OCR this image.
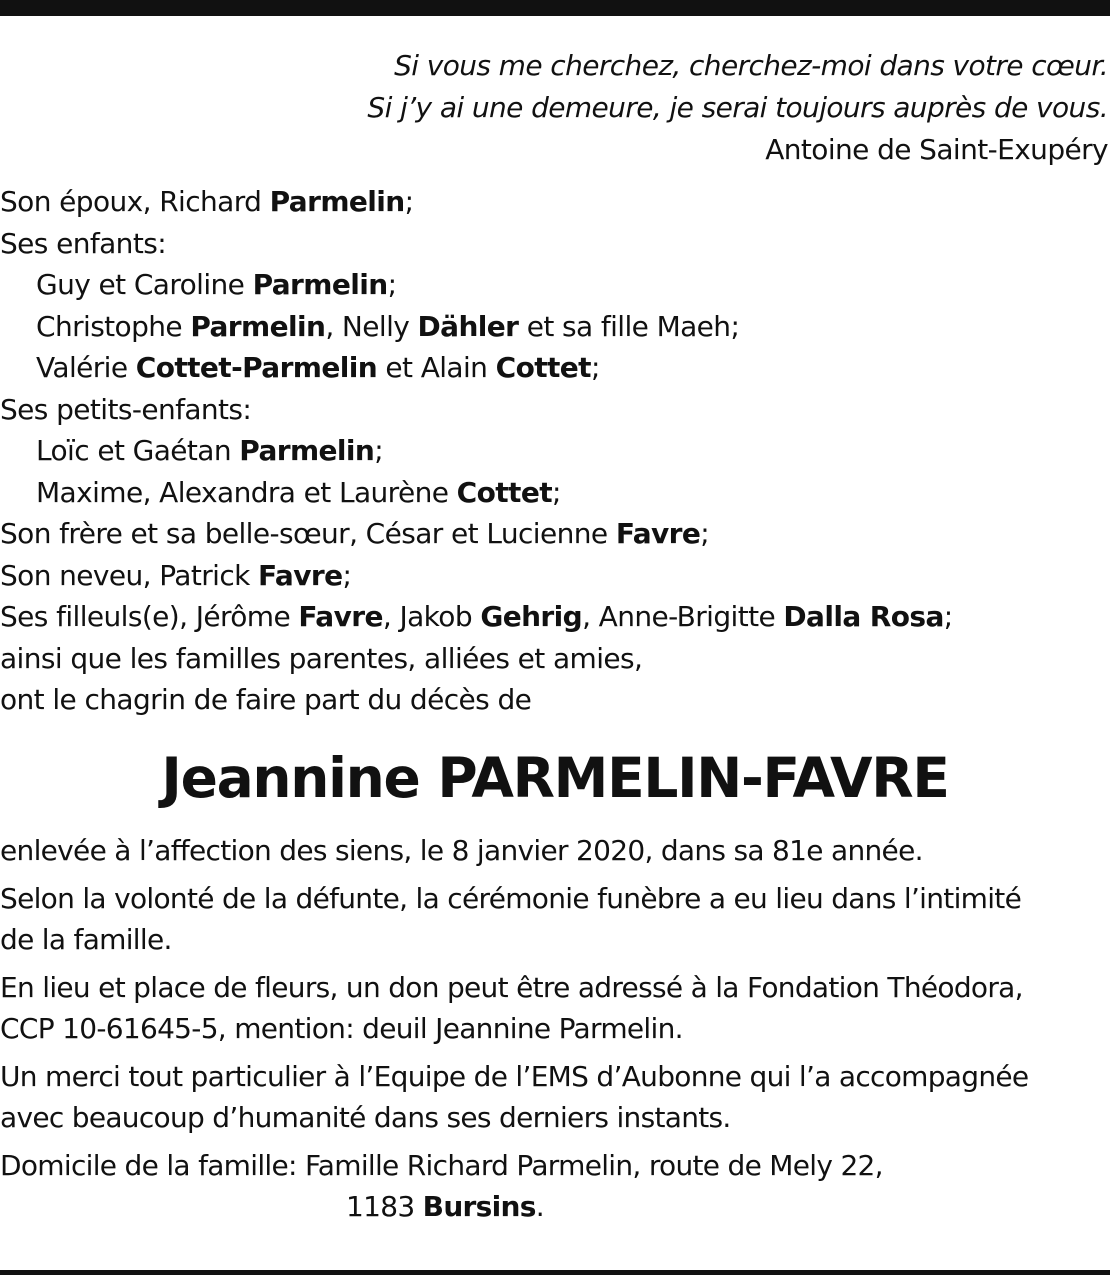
Si vous me cherchez, cherchez-moi dans votre cœur.
Si j’y ai une demeure, je serai toujours auprès de vous.
Antoine de Saint-Exupéry
Son époux, Richard Parmelin;
Ses enfants:
Guy et Caroline Parmelin;
Christophe Parmelin, Nelly Dähler et sa fille Maeh;
Valérie Cottet-Parmelin et Alain Cottet;
Ses petits-enfants:
Loïc et Gaétan Parmelin;
Maxime, Alexandra et Laurène Cottet;
Son frère et sa belle-sœur, César et Lucienne Favre;
Son neveu, Patrick Favre;
Ses filleuls(e), Jérôme Favre, Jakob Gehrig, Anne-Brigitte Dalla Rosa;
ainsi que les familles parentes, alliées et amies,
ont le chagrin de faire part du décès de
Jeannine PARMELIN-FAVRE

enlevée à l’affection des siens, le 8 janvier 2020, dans sa 81e année.

Selon la volonté de la défunte, la cérémonie funèbre a eu lieu dans l’intimité
de la famille.

En lieu et place de fleurs, un don peut être adressé à la Fondation Théodora,
CCP 10-61645-5, mention: deuil Jeannine Parmelin.

Un merci tout particulier à l’Equipe de l’EMS d’Aubonne qui l’a accompagnée
avec beaucoup d’humanité dans ses derniers instants.

Domicile de la famille: Famille Richard Parmelin, route de Mely 22,
1183 Bursins.
